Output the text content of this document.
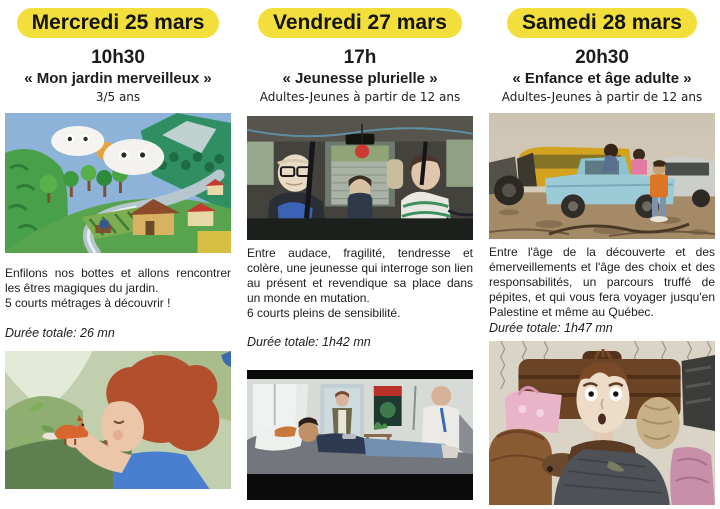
Mercredi 25 mars
10h30
« Mon jardin merveilleux »
3/5 ans
Enfilons nos bottes et allons rencontrer les êtres magiques du jardin.
5 courts métrages à découvrir !
Durée totale: 26 mn
Vendredi 27 mars
17h
« Jeunesse plurielle »
Adultes-Jeunes à partir de 12 ans
Entre audace, fragilité, tendresse et colère, une jeunesse qui interroge son lien au présent et revendique sa place dans un monde en mutation.
6 courts pleins de sensibilité.
Durée totale: 1h42 mn
Samedi 28 mars
20h30
« Enfance et âge adulte »
Adultes-Jeunes à partir de 12 ans
Entre l'âge de la découverte et des émerveillements et l'âge des choix et des responsabilités, un parcours truffé de pépites, et qui vous fera voyager jusqu'en Palestine et même au Québec.
Durée totale: 1h47 mn
